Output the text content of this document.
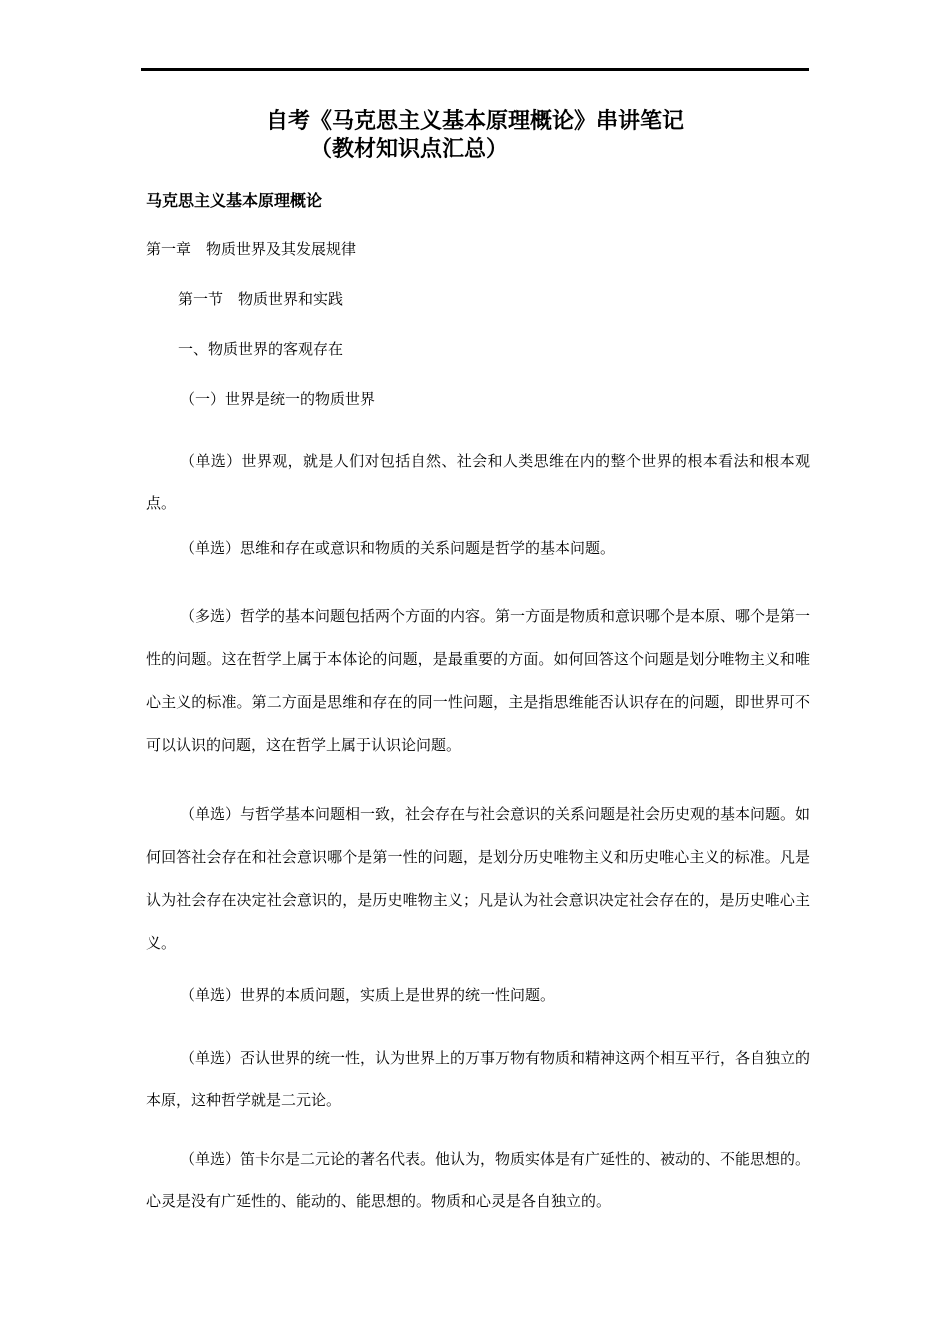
自考《马克思主义基本原理概论》串讲笔记
（教材知识点汇总）
马克思主义基本原理概论
第一章　物质世界及其发展规律
第一节　物质世界和实践
一、物质世界的客观存在
（一）世界是统一的物质世界
（单选）世界观，就是人们对包括自然、社会和人类思维在内的整个世界的根本看法和根本观点。
（单选）思维和存在或意识和物质的关系问题是哲学的基本问题。
（多选）哲学的基本问题包括两个方面的内容。第一方面是物质和意识哪个是本原、哪个是第一性的问题。这在哲学上属于本体论的问题，是最重要的方面。如何回答这个问题是划分唯物主义和唯心主义的标准。第二方面是思维和存在的同一性问题，主是指思维能否认识存在的问题，即世界可不可以认识的问题，这在哲学上属于认识论问题。
（单选）与哲学基本问题相一致，社会存在与社会意识的关系问题是社会历史观的基本问题。如何回答社会存在和社会意识哪个是第一性的问题，是划分历史唯物主义和历史唯心主义的标准。凡是认为社会存在决定社会意识的，是历史唯物主义；凡是认为社会意识决定社会存在的，是历史唯心主义。
（单选）世界的本质问题，实质上是世界的统一性问题。
（单选）否认世界的统一性，认为世界上的万事万物有物质和精神这两个相互平行，各自独立的本原，这种哲学就是二元论。
（单选）笛卡尔是二元论的著名代表。他认为，物质实体是有广延性的、被动的、不能思想的。心灵是没有广延性的、能动的、能思想的。物质和心灵是各自独立的。
